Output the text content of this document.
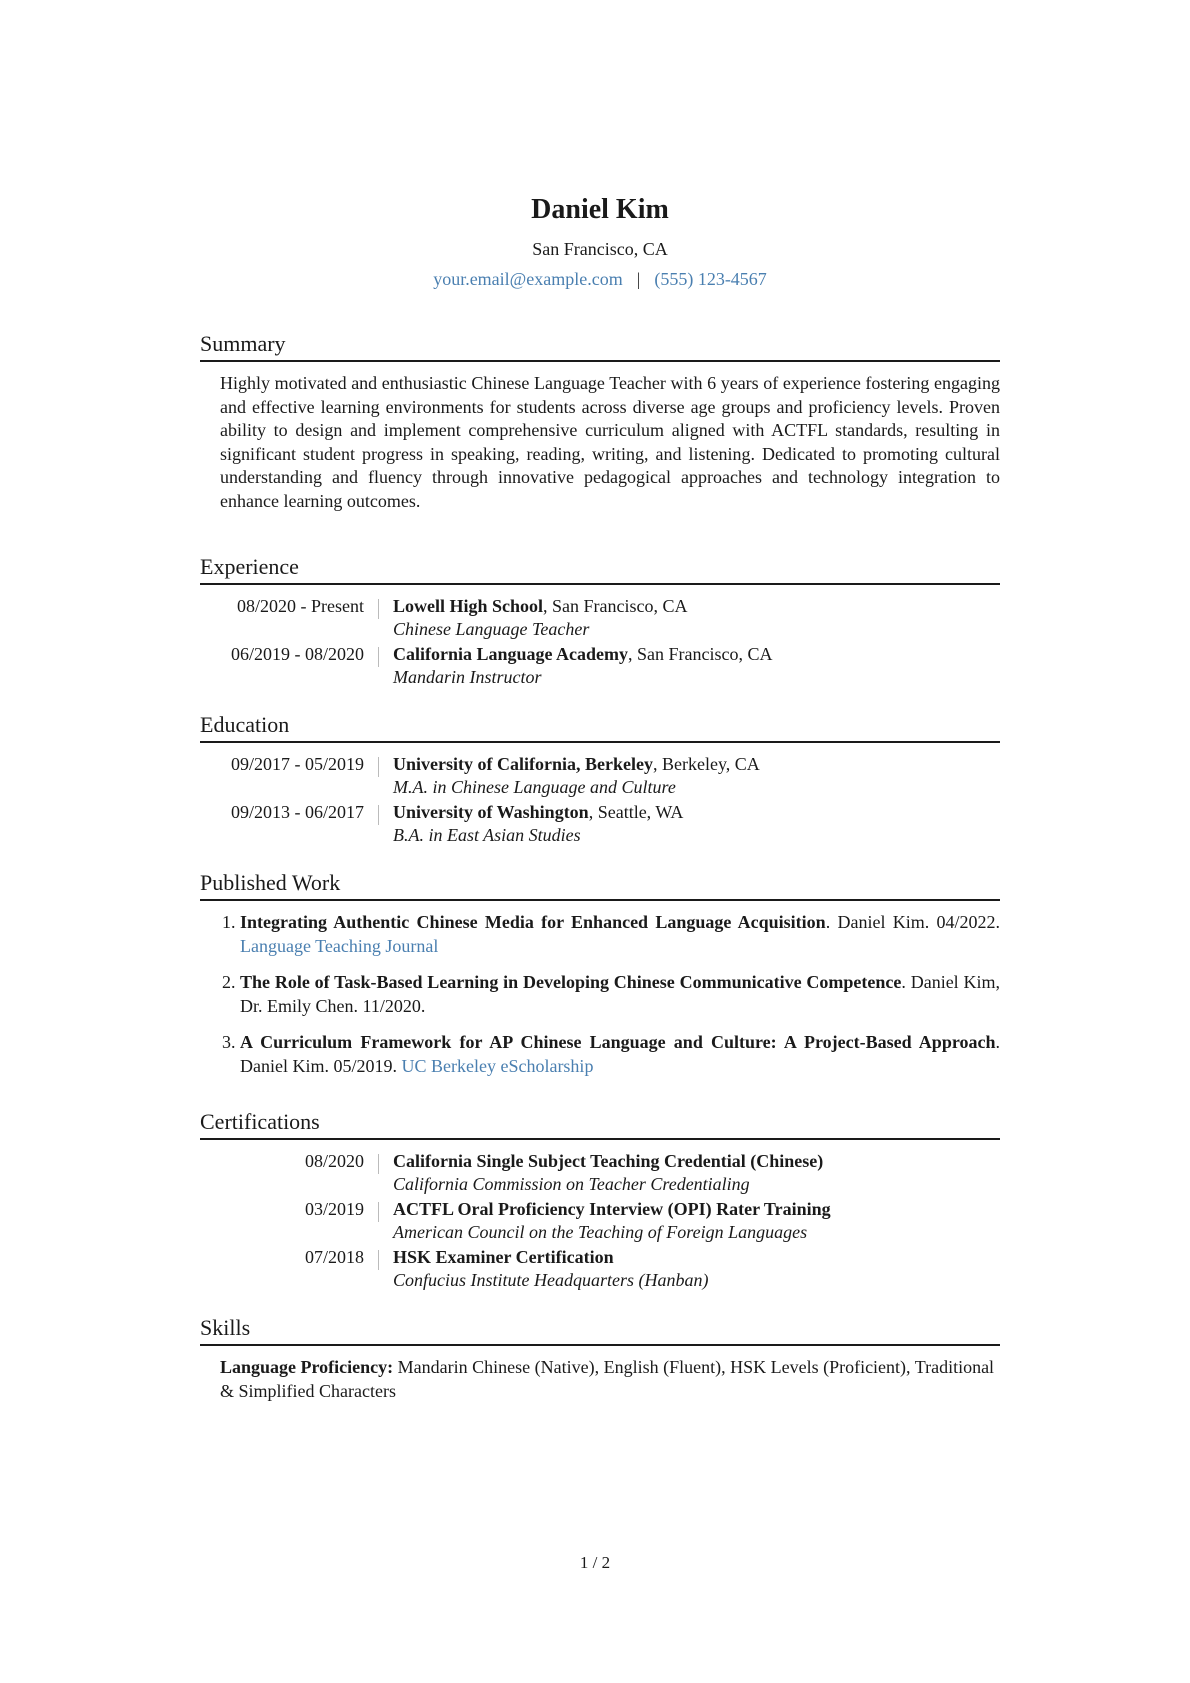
Daniel Kim
San Francisco, CA
your.email@example.com | (555) 123-4567
Summary
Highly motivated and enthusiastic Chinese Language Teacher with 6 years of experience fostering engaging and effective learning environments for students across diverse age groups and proficiency levels. Proven ability to design and implement comprehensive curriculum aligned with ACTFL standards, resulting in significant student progress in speaking, reading, writing, and listening. Dedicated to promoting cultural understanding and fluency through innovative pedagogical approaches and technology integration to enhance learning outcomes.
Experience
08/2020 - Present	Lowell High School, San Francisco, CA
Chinese Language Teacher
06/2019 - 08/2020	California Language Academy, San Francisco, CA
Mandarin Instructor
Education
09/2017 - 05/2019	University of California, Berkeley, Berkeley, CA
M.A. in Chinese Language and Culture
09/2013 - 06/2017	University of Washington, Seattle, WA
B.A. in East Asian Studies
Published Work
1. Integrating Authentic Chinese Media for Enhanced Language Acquisition. Daniel Kim. 04/2022. Language Teaching Journal
2. The Role of Task-Based Learning in Developing Chinese Communicative Competence. Daniel Kim, Dr. Emily Chen. 11/2020.
3. A Curriculum Framework for AP Chinese Language and Culture: A Project-Based Approach. Daniel Kim. 05/2019. UC Berkeley eScholarship
Certifications
08/2020	California Single Subject Teaching Credential (Chinese)
California Commission on Teacher Credentialing
03/2019	ACTFL Oral Proficiency Interview (OPI) Rater Training
American Council on the Teaching of Foreign Languages
07/2018	HSK Examiner Certification
Confucius Institute Headquarters (Hanban)
Skills
Language Proficiency: Mandarin Chinese (Native), English (Fluent), HSK Levels (Proficient), Traditional & Simplified Characters
1 / 2
